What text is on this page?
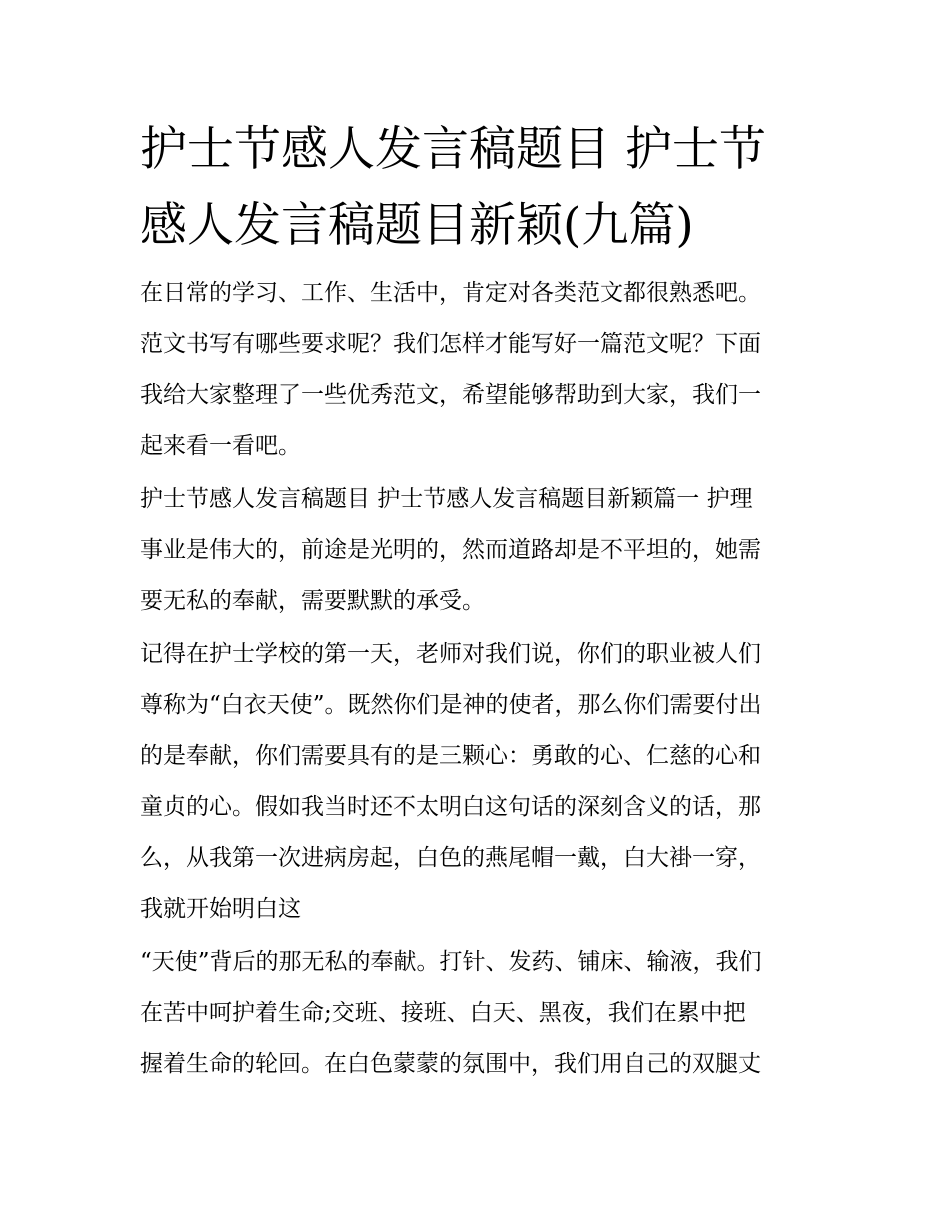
护士节感人发言稿题目 护士节
感人发言稿题目新颖(九篇)

在日常的学习、工作、生活中，肯定对各类范文都很熟悉吧。
范文书写有哪些要求呢？我们怎样才能写好一篇范文呢？下面
我给大家整理了一些优秀范文，希望能够帮助到大家，我们一
起来看一看吧。

护士节感人发言稿题目 护士节感人发言稿题目新颖篇一 护理
事业是伟大的，前途是光明的，然而道路却是不平坦的，她需
要无私的奉献，需要默默的承受。

记得在护士学校的第一天，老师对我们说，你们的职业被人们
尊称为“白衣天使”。既然你们是神的使者，那么你们需要付出
的是奉献，你们需要具有的是三颗心：勇敢的心、仁慈的心和
童贞的心。假如我当时还不太明白这句话的深刻含义的话，那
么，从我第一次进病房起，白色的燕尾帽一戴，白大褂一穿，
我就开始明白这

“天使”背后的那无私的奉献。打针、发药、铺床、输液，我们
在苦中呵护着生命;交班、接班、白天、黑夜，我们在累中把
握着生命的轮回。在白色蒙蒙的氛围中，我们用自己的双腿丈
